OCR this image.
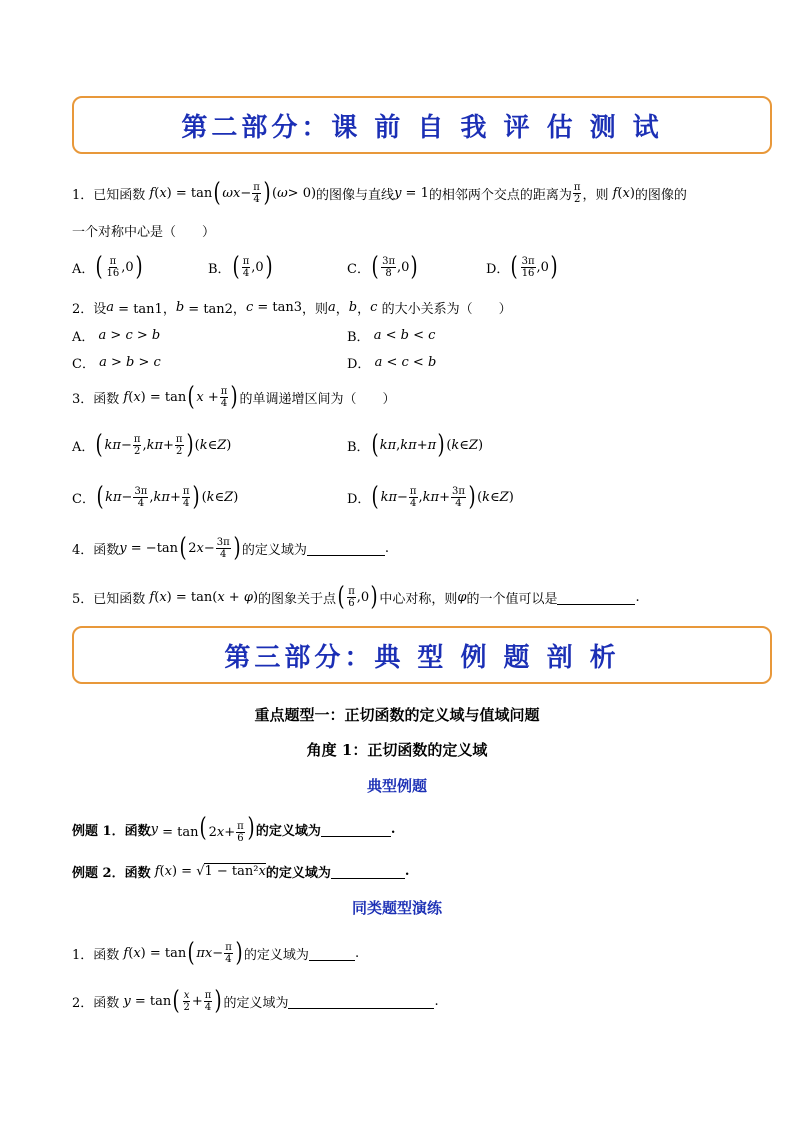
第二部分：课 前 自 我 评 估 测 试
1． 已知函数 f ( x ) = tan ( $\omega x - \frac{\pi}{4}$ ) ( ω > 0) 的图像与直线 y = 1 的相邻两个交点的距离为 $\frac{\pi}{2}$ ，则 f ( x ) 的图像的
一个对称中心是（　　）
A． ( $\frac{\pi}{16} ,0$ )	B． ( $\frac{\pi}{4} ,0$ )	C． ( $\frac{3\pi}{8} ,0$ )	D． ( $\frac{3\pi}{16} ,0$ )
2．设 a = tan1， b = tan2， c = tan3 ，则 a ， b ， c
的大小关系为（　　）
A． a > c > b	B． a < b < c
C． a > b > c	D． a < c < b
3．函数 f ( x ) = tan ( $x + \frac{\pi}{4}$ ) 的单调递增区间为（　　）
A． ( $k\pi - \frac{\pi}{2}$ , $k\pi + \frac{\pi}{2}$ ) ( k ∈ Z )	B． ( kπ , kπ + π ) ( k ∈ Z )
C． ( $k\pi - \frac{3\pi}{4}$ , $k\pi + \frac{\pi}{4}$ ) ( k ∈ Z )	D． ( $k\pi - \frac{\pi}{4}$ , $k\pi + \frac{3\pi}{4}$ ) ( k ∈ Z )
4．函数 y = −tan ( 2 $x - \frac{3\pi}{4}$ ) 的定义域为	.
5．已知函数 f ( x ) = tan( x + φ ) 的图象关于点 ( $\frac{\pi}{6} ,0$ ) 中心对称，则 φ 的一个值可以是	.
第三部分：典 型 例 题 剖 析
重点题型一：正切函数的定义域与值域问题
角度 1：正切函数的定义域
典型例题
例题 1． 函数 y = tan( $2x+ \frac{\pi}{6}$ ) 的定义域为	.
例题 2． 函数 f(x) = √1 − tan²x 的定义域为	.
同类题型演练
1．函数 f ( x ) = tan ( $\pi x - \frac{\pi}{4}$ ) 的定义域为	.
2．函数 y = tan ( $\frac{x}{2} + \frac{\pi}{4}$ ) 的定义域为	.
